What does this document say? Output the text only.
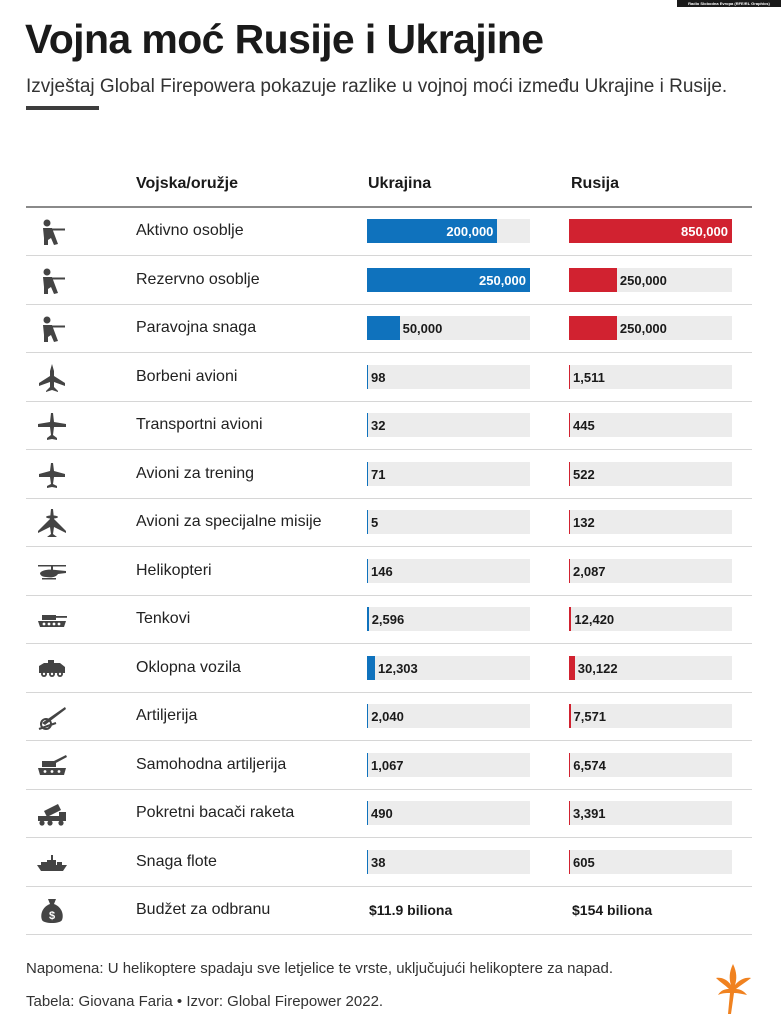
Radio Slobodna Evropa (RFE/RL Graphics)
Vojna moć Rusije i Ukrajine

Izvještaj Global Firepowera pokazuje razlike u vojnoj moći između Ukrajine i Rusije.

Vojska/oružje	Ukrajina	Rusija
Aktivno osoblje	200,000	850,000
Rezervno osoblje	250,000	250,000
Paravojna snaga	50,000	250,000
Borbeni avioni	98	1,511
Transportni avioni	32	445
Avioni za trening	71	522
Avioni za specijalne misije	5	132
Helikopteri	146	2,087
Tenkovi	2,596	12,420
Oklopna vozila	12,303	30,122
Artiljerija	2,040	7,571
Samohodna artiljerija	1,067	6,574
Pokretni bacači raketa	490	3,391
Snaga flote	38	605
$	Budžet za odbranu	$11.9 biliona	$154 biliona
Napomena: U helikoptere spadaju sve letjelice te vrste, uključujući helikoptere za napad.
Tabela: Giovana Faria • Izvor: Global Firepower 2022.
